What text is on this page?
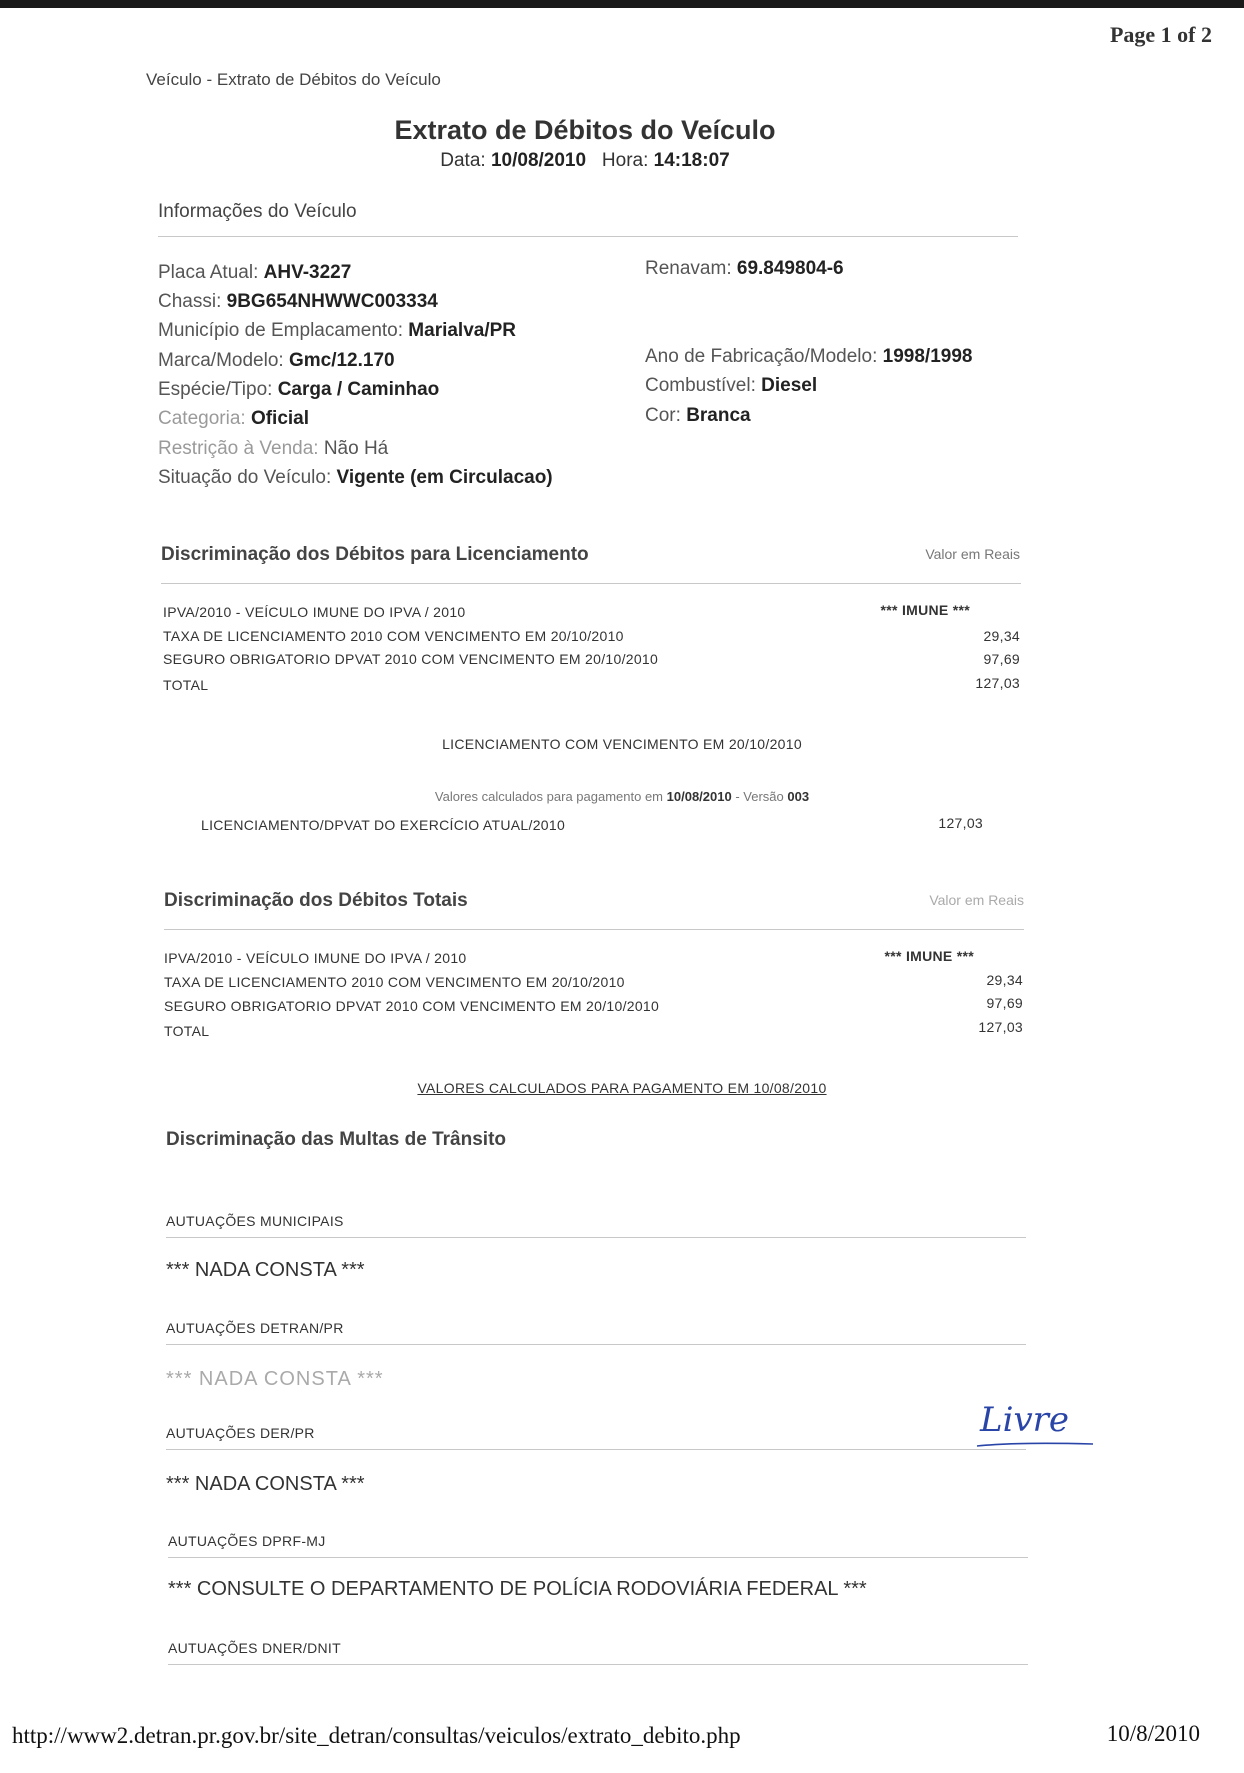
Page 1 of 2
Veículo - Extrato de Débitos do Veículo
Extrato de Débitos do Veículo
Data: 10/08/2010 Hora: 14:18:07
Informações do Veículo
Placa Atual: AHV-3227
Chassi: 9BG654NHWWC003334
Município de Emplacamento: Marialva/PR
Marca/Modelo: Gmc/12.170
Espécie/Tipo: Carga / Caminhao
Categoria: Oficial
Restrição à Venda: Não Há
Situação do Veículo: Vigente (em Circulacao)
Renavam: 69.849804-6
Ano de Fabricação/Modelo: 1998/1998
Combustível: Diesel
Cor: Branca
Discriminação dos Débitos para Licenciamento	Valor em Reais
IPVA/2010 - VEÍCULO IMUNE DO IPVA / 2010	*** IMUNE ***
TAXA DE LICENCIAMENTO 2010 COM VENCIMENTO EM 20/10/2010	29,34
SEGURO OBRIGATORIO DPVAT 2010 COM VENCIMENTO EM 20/10/2010	97,69
TOTAL	127,03
LICENCIAMENTO COM VENCIMENTO EM 20/10/2010
Valores calculados para pagamento em 10/08/2010 - Versão 003
LICENCIAMENTO/DPVAT DO EXERCÍCIO ATUAL/2010	127,03
Discriminação dos Débitos Totais	Valor em Reais
IPVA/2010 - VEÍCULO IMUNE DO IPVA / 2010	*** IMUNE ***
TAXA DE LICENCIAMENTO 2010 COM VENCIMENTO EM 20/10/2010	29,34
SEGURO OBRIGATORIO DPVAT 2010 COM VENCIMENTO EM 20/10/2010	97,69
TOTAL	127,03
VALORES CALCULADOS PARA PAGAMENTO EM 10/08/2010
Discriminação das Multas de Trânsito
AUTUAÇÕES MUNICIPAIS
*** NADA CONSTA ***
AUTUAÇÕES DETRAN/PR
*** NADA CONSTA ***
AUTUAÇÕES DER/PR
*** NADA CONSTA ***
AUTUAÇÕES DPRF-MJ
*** CONSULTE O DEPARTAMENTO DE POLÍCIA RODOVIÁRIA FEDERAL ***
AUTUAÇÕES DNER/DNIT
Livre
http://www2.detran.pr.gov.br/site_detran/consultas/veiculos/extrato_debito.php	10/8/2010
